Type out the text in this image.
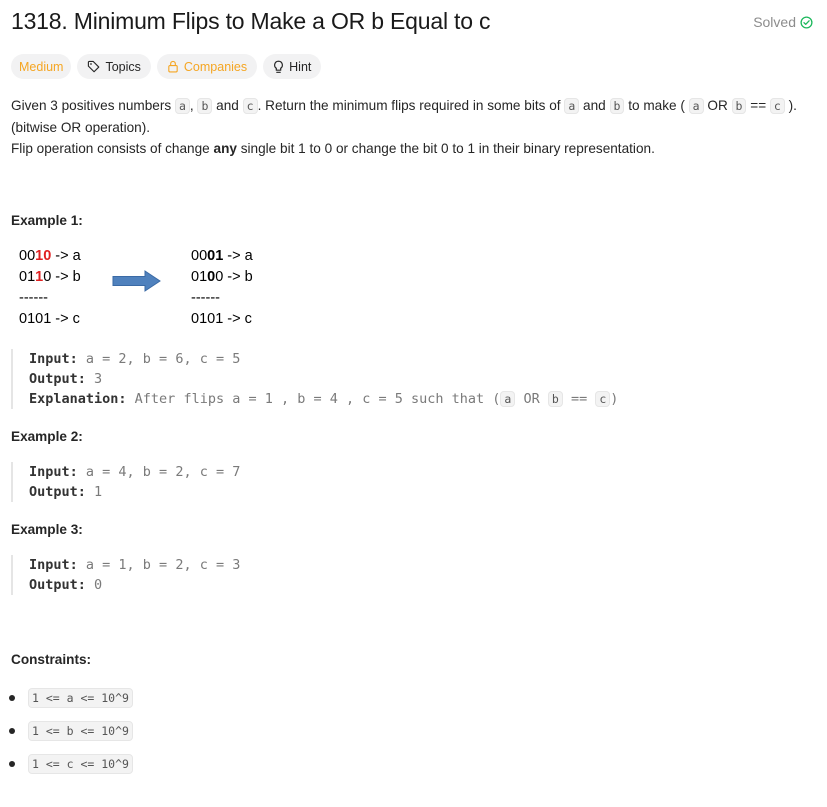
1318. Minimum Flips to Make a OR b Equal to c	Solved
Medium	Topics	Companies	Hint
Given 3 positives numbers a , b and c . Return the minimum flips required in some bits of a and b to make ( a OR b == c ).
(bitwise OR operation).
Flip operation consists of change any single bit 1 to 0 or change the bit 0 to 1 in their binary representation.
Example 1:
0010 -> a
0110 -> b
------
0101 -> c
0001 -> a
0100 -> b
------
0101 -> c
Input: a = 2, b = 6, c = 5
Output: 3
Explanation: After flips a = 1 , b = 4 , c = 5 such that ( a OR b == c )
Example 2:
Input: a = 4, b = 2, c = 7
Output: 1
Example 3:
Input: a = 1, b = 2, c = 3
Output: 0
Constraints:
1 <= a <= 10^9
1 <= b <= 10^9
1 <= c <= 10^9
